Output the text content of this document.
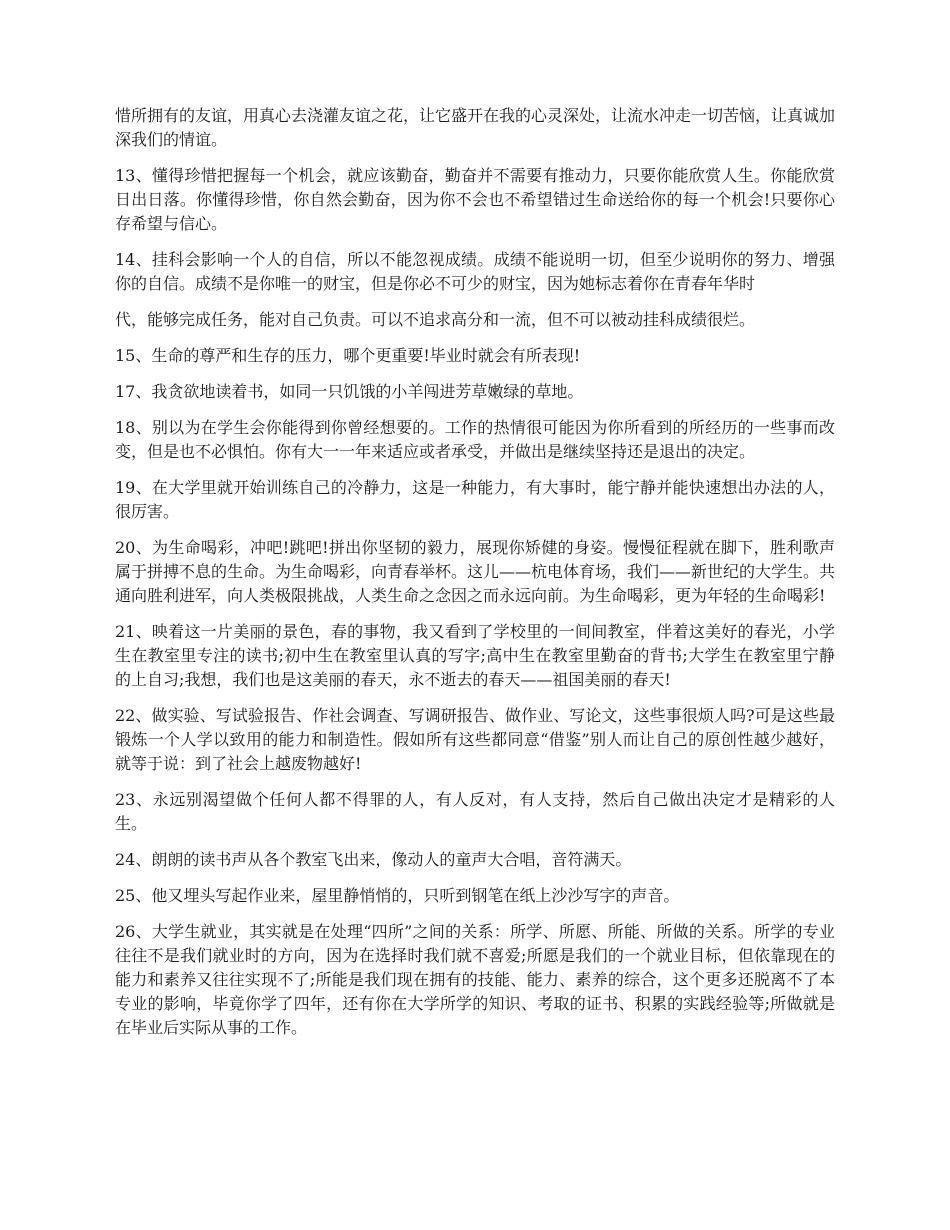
惜所拥有的友谊，用真心去浇灌友谊之花，让它盛开在我的心灵深处，让流水冲走一切苦恼，让真诚加深我们的情谊。

13、懂得珍惜把握每一个机会，就应该勤奋，勤奋并不需要有推动力，只要你能欣赏人生。你能欣赏日出日落。你懂得珍惜，你自然会勤奋，因为你不会也不希望错过生命送给你的每一个机会!只要你心存希望与信心。

14、挂科会影响一个人的自信，所以不能忽视成绩。成绩不能说明一切，但至少说明你的努力、增强你的自信。成绩不是你唯一的财宝，但是你必不可少的财宝，因为她标志着你在青春年华时

代，能够完成任务，能对自己负责。可以不追求高分和一流，但不可以被动挂科成绩很烂。

15、生命的尊严和生存的压力，哪个更重要!毕业时就会有所表现!

17、我贪欲地读着书，如同一只饥饿的小羊闯进芳草嫩绿的草地。

18、别以为在学生会你能得到你曾经想要的。工作的热情很可能因为你所看到的所经历的一些事而改变，但是也不必惧怕。你有大一一年来适应或者承受，并做出是继续坚持还是退出的决定。

19、在大学里就开始训练自己的冷静力，这是一种能力，有大事时，能宁静并能快速想出办法的人，很厉害。

20、为生命喝彩，冲吧!跳吧!拼出你坚韧的毅力，展现你矫健的身姿。慢慢征程就在脚下，胜利歌声属于拼搏不息的生命。为生命喝彩，向青春举杯。这儿——杭电体育场，我们——新世纪的大学生。共通向胜利进军，向人类极限挑战，人类生命之念因之而永远向前。为生命喝彩，更为年轻的生命喝彩!

21、映着这一片美丽的景色，春的事物，我又看到了学校里的一间间教室，伴着这美好的春光，小学生在教室里专注的读书;初中生在教室里认真的写字;高中生在教室里勤奋的背书;大学生在教室里宁静的上自习;我想，我们也是这美丽的春天，永不逝去的春天——祖国美丽的春天!

22、做实验、写试验报告、作社会调查、写调研报告、做作业、写论文，这些事很烦人吗?可是这些最锻炼一个人学以致用的能力和制造性。假如所有这些都同意“借鉴”别人而让自己的原创性越少越好，就等于说：到了社会上越废物越好!

23、永远别渴望做个任何人都不得罪的人，有人反对，有人支持，然后自己做出决定才是精彩的人生。

24、朗朗的读书声从各个教室飞出来，像动人的童声大合唱，音符满天。

25、他又埋头写起作业来，屋里静悄悄的，只听到钢笔在纸上沙沙写字的声音。

26、大学生就业，其实就是在处理“四所”之间的关系：所学、所愿、所能、所做的关系。所学的专业往往不是我们就业时的方向，因为在选择时我们就不喜爱;所愿是我们的一个就业目标，但依靠现在的能力和素养又往往实现不了;所能是我们现在拥有的技能、能力、素养的综合，这个更多还脱离不了本专业的影响，毕竟你学了四年，还有你在大学所学的知识、考取的证书、积累的实践经验等;所做就是在毕业后实际从事的工作。
